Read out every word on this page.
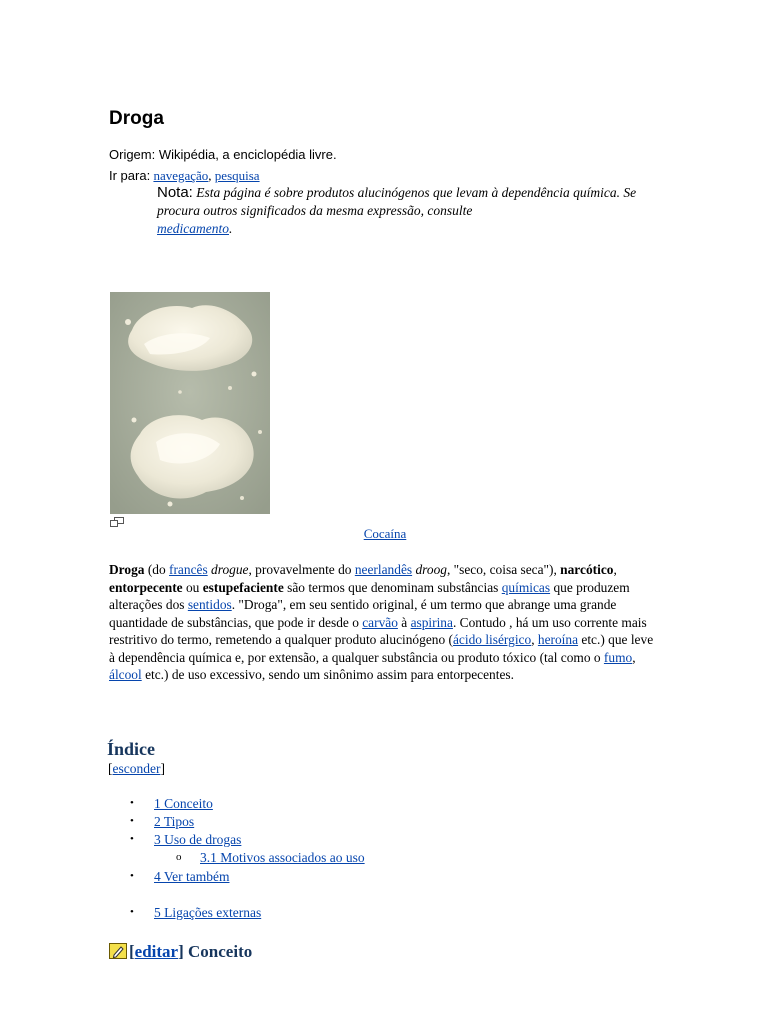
Droga
Origem: Wikipédia, a enciclopédia livre.
Ir para: navegação, pesquisa
Nota: Esta página é sobre produtos alucinógenos que levam à dependência química. Se procura outros significados da mesma expressão, consulte
medicamento.
Cocaína
Droga (do francês drogue, provavelmente do neerlandês droog, "seco, coisa seca"), narcótico, entorpecente ou estupefaciente são termos que denominam substâncias químicas que produzem alterações dos sentidos. "Droga", em seu sentido original, é um termo que abrange uma grande quantidade de substâncias, que pode ir desde o carvão à aspirina. Contudo , há um uso corrente mais restritivo do termo, remetendo a qualquer produto alucinógeno (ácido lisérgico, heroína etc.) que leve à dependência química e, por extensão, a qualquer substância ou produto tóxico (tal como o fumo, álcool etc.) de uso excessivo, sendo um sinônimo assim para entorpecentes.
Índice
[esconder]
• 1 Conceito
• 2 Tipos
• 3 Uso de drogas
o 3.1 Motivos associados ao uso
• 4 Ver também
• 5 Ligações externas
[editar] Conceito
